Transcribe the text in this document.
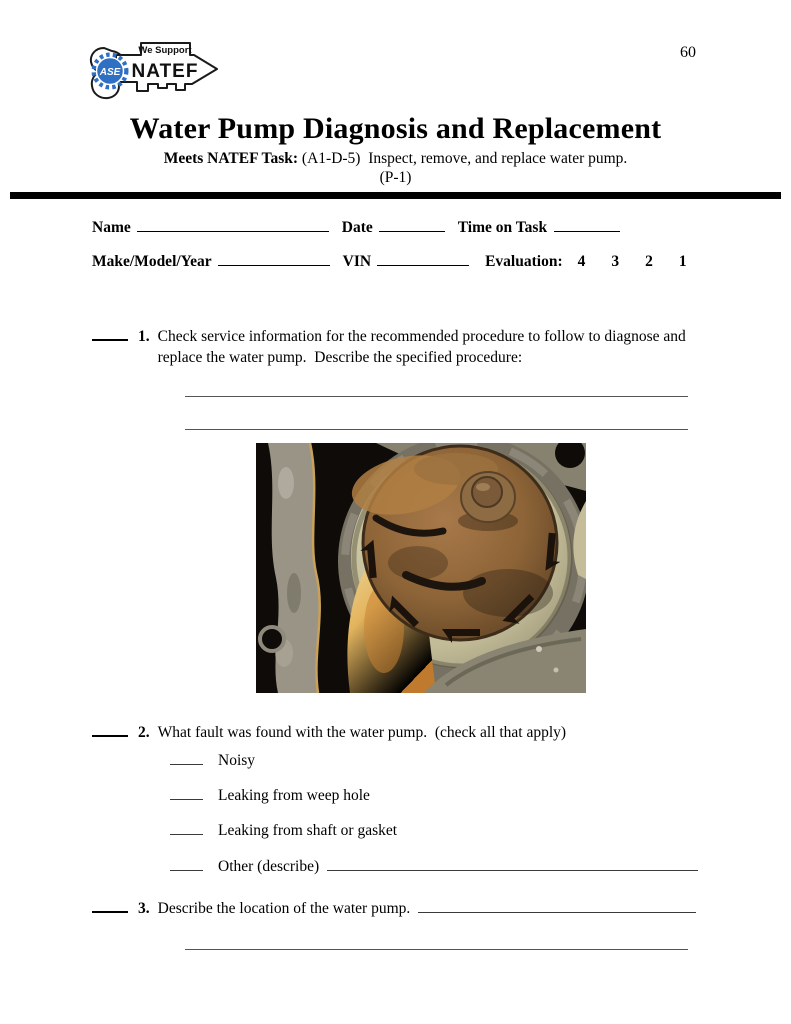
60
ASE
We Support
NATEF
Water Pump Diagnosis and Replacement
Meets NATEF Task: (A1-D-5)  Inspect, remove, and replace water pump.
(P-1)
Name	Date	Time on Task
Make/Model/Year	VIN	Evaluation: 4 3 2 1
1. Check service information for the recommended procedure to follow to diagnose and replace the water pump.  Describe the specified procedure:
2. What fault was found with the water pump.  (check all that apply)
Noisy
Leaking from weep hole
Leaking from shaft or gasket
Other (describe)
3. Describe the location of the water pump.
